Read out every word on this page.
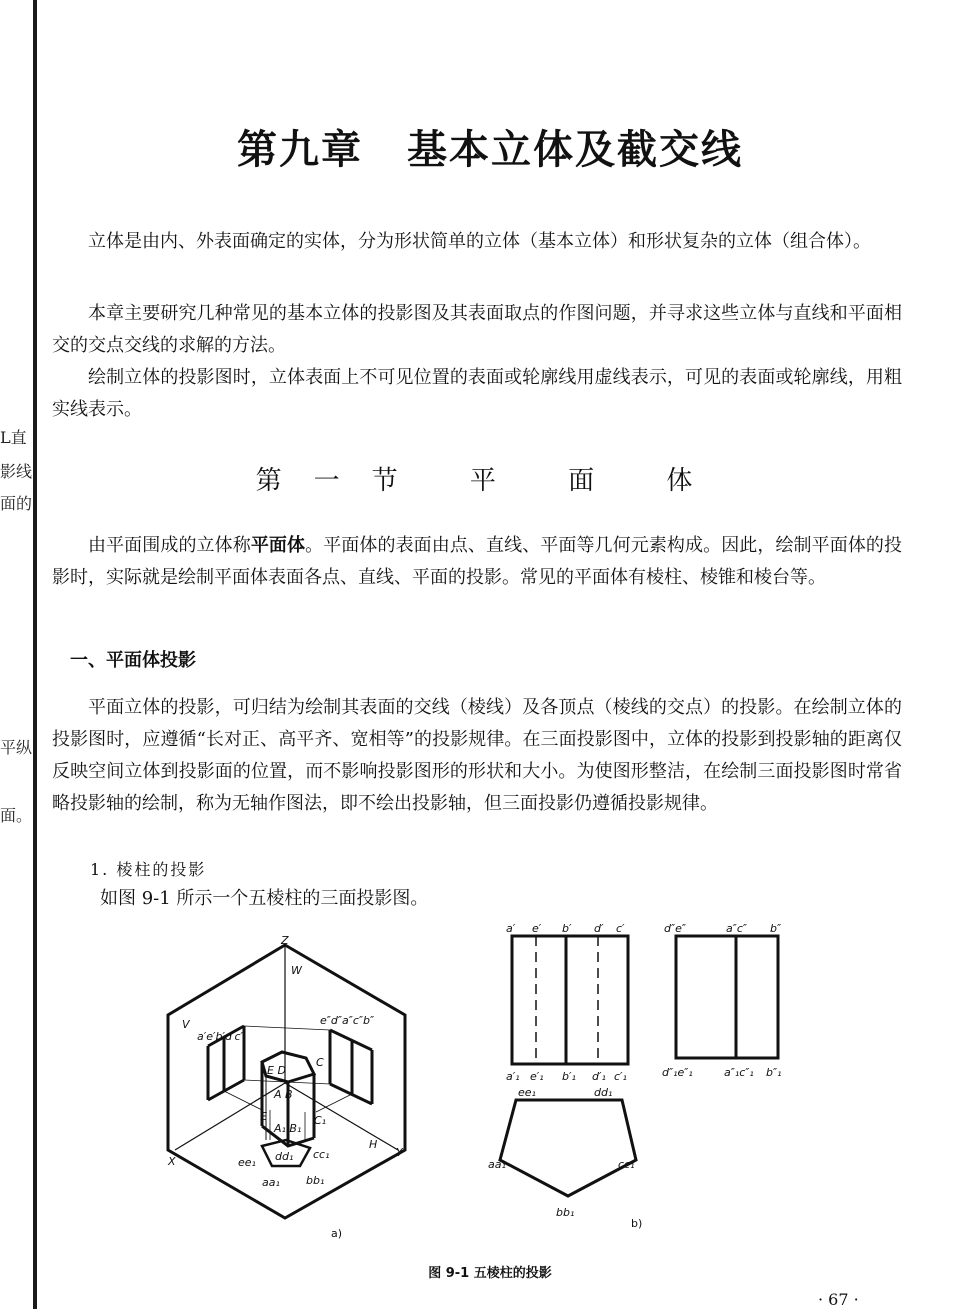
L直
影线
面的
平纵
面。
第九章 基本立体及截交线

立体是由内、外表面确定的实体，分为形状简单的立体（基本立体）和形状复杂的立体（组合体）。

本章主要研究几种常见的基本立体的投影图及其表面取点的作图问题，并寻求这些立体与直线和平面相交的交点交线的求解的方法。

绘制立体的投影图时，立体表面上不可见位置的表面或轮廓线用虚线表示，可见的表面或轮廓线，用粗实线表示。

第一节 平 面 体

由平面围成的立体称平面体。平面体的表面由点、直线、平面等几何元素构成。因此，绘制平面体的投影时，实际就是绘制平面体表面各点、直线、平面的投影。常见的平面体有棱柱、棱锥和棱台等。

一、平面体投影

平面立体的投影，可归结为绘制其表面的交线（棱线）及各顶点（棱线的交点）的投影。在绘制立体的投影图时，应遵循“长对正、高平齐、宽相等”的投影规律。在三面投影图中，立体的投影到投影轴的距离仅反映空间立体到投影面的位置，而不影响投影图形的形状和大小。为使图形整洁，在绘制三面投影图时常省略投影轴的绘制，称为无轴作图法，即不绘出投影轴，但三面投影仍遵循投影规律。

1. 棱柱的投影
如图 9-1 所示一个五棱柱的三面投影图。
Z
W
V
X
Y
H
a′e′b′d′c′
e″d″a″c″b″
E D
A B
C
E
A₁ B₁
C₁
ee₁ dd₁ cc₁
aa₁ bb₁
a)
a′ e′ b′ d′ c′
a′₁ e′₁ b′₁ d′₁ c′₁
d″e″	a″c″ b″
d″₁e″₁	a″₁c″₁ b″₁
ee₁	dd₁
aa₁	cc₁
bb₁
b)
图 9-1 五棱柱的投影
· 67 ·
